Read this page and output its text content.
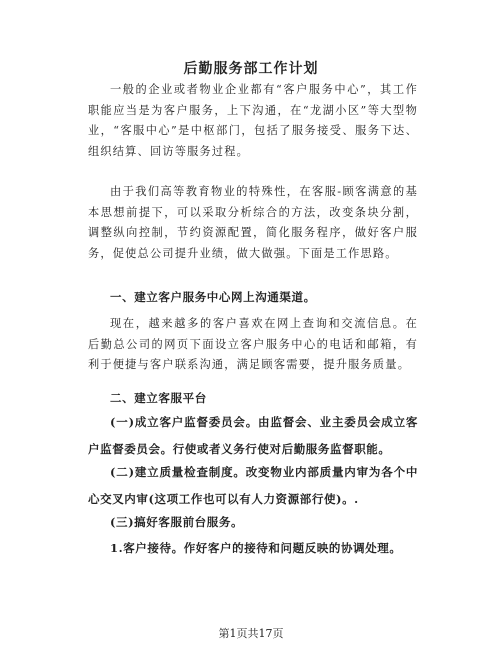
后勤服务部工作计划

一般的企业或者物业企业都有“客户服务中心”，其工作职能应当是为客户服务，上下沟通，在“龙湖小区”等大型物业，“客服中心”是中枢部门，包括了服务接受、服务下达、组织结算、回访等服务过程。

由于我们高等教育物业的特殊性，在客服-顾客满意的基本思想前提下，可以采取分析综合的方法，改变条块分割，调整纵向控制，节约资源配置，简化服务程序，做好客户服务，促使总公司提升业绩，做大做强。下面是工作思路。

一、建立客户服务中心网上沟通渠道。

现在，越来越多的客户喜欢在网上查询和交流信息。在后勤总公司的网页下面设立客户服务中心的电话和邮箱，有利于便捷与客户联系沟通，满足顾客需要，提升服务质量。

二、建立客服平台

(一)成立客户监督委员会。由监督会、业主委员会成立客户监督委员会。行使或者义务行使对后勤服务监督职能。

(二)建立质量检查制度。改变物业内部质量内审为各个中心交叉内审(这项工作也可以有人力资源部行使)。.

(三)搞好客服前台服务。

1.客户接待。作好客户的接待和问题反映的协调处理。

第1页共17页
